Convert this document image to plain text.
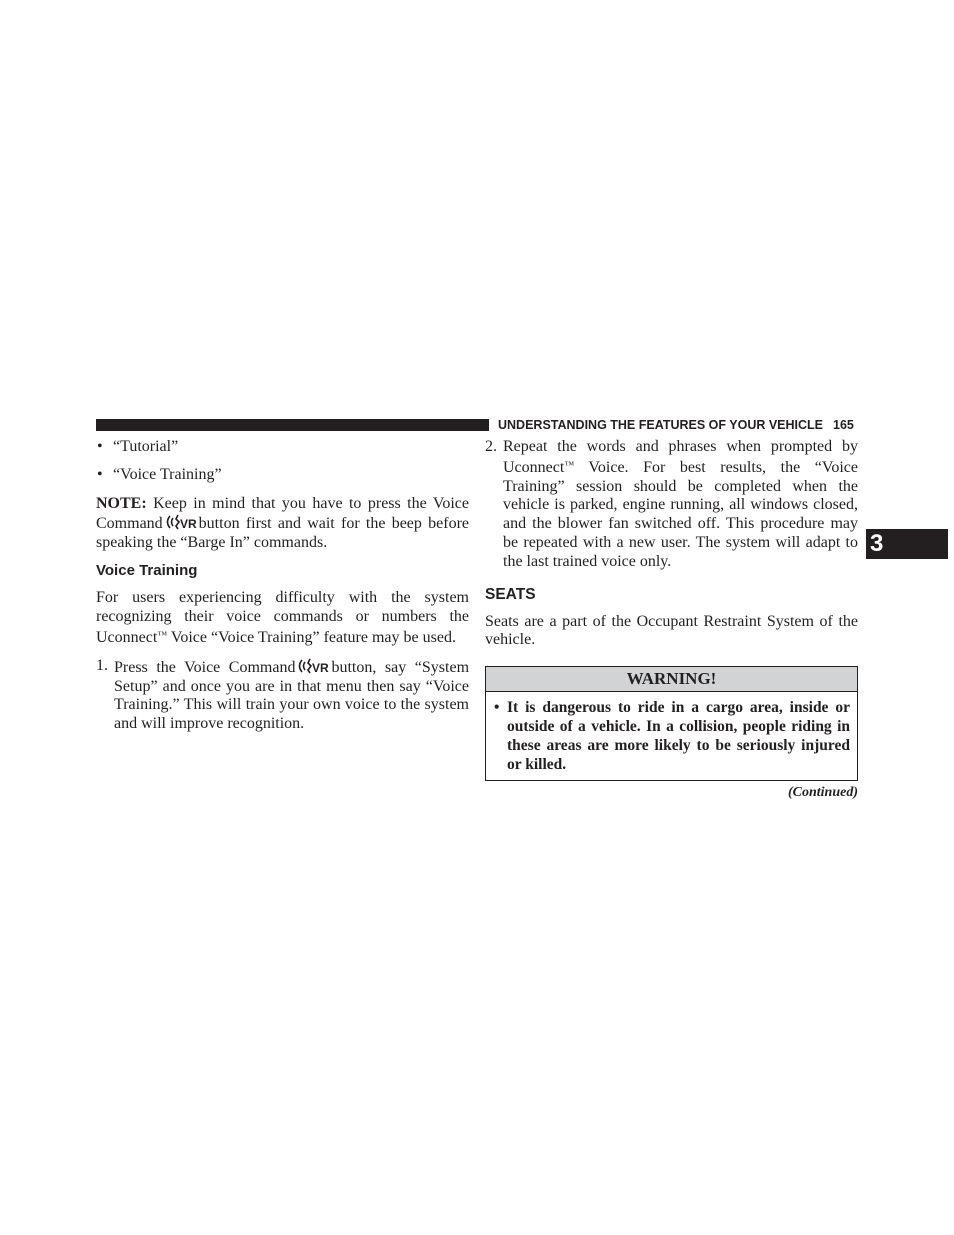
UNDERSTANDING THE FEATURES OF YOUR VEHICLE 165
3

• “Tutorial”

• “Voice Training”

NOTE: Keep in mind that you have to press the Voice Command VR button first and wait for the beep before speaking the “Barge In” commands.

Voice Training

For users experiencing difficulty with the system recognizing their voice commands or numbers the Uconnect™ Voice “Voice Training” feature may be used.

1. Press the Voice Command VR button, say “System Setup” and once you are in that menu then say “Voice Training.” This will train your own voice to the system and will improve recognition.
2. Repeat the words and phrases when prompted by Uconnect™ Voice. For best results, the “Voice Training” session should be completed when the vehicle is parked, engine running, all windows closed, and the blower fan switched off. This procedure may be repeated with a new user. The system will adapt to the last trained voice only.
SEATS

Seats are a part of the Occupant Restraint System of the vehicle.

WARNING!

• It is dangerous to ride in a cargo area, inside or outside of a vehicle. In a collision, people riding in these areas are more likely to be seriously injured or killed.

(Continued)
